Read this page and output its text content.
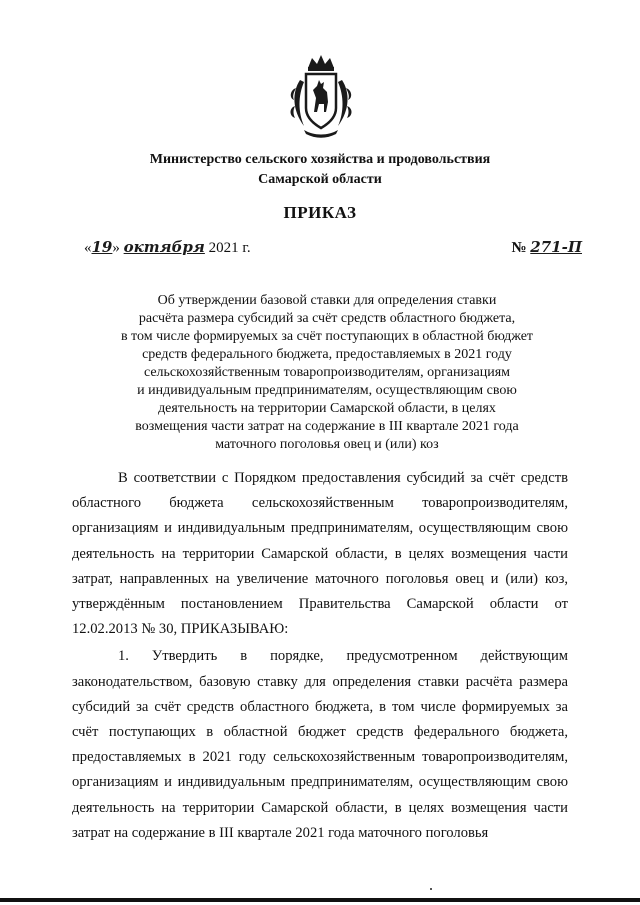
Министерство сельского хозяйства и продовольствия
Самарской области
ПРИКАЗ
«19» октября 2021 г.	№ 271-П
Об утверждении базовой ставки для определения ставки
расчёта размера субсидий за счёт средств областного бюджета,
в том числе формируемых за счёт поступающих в областной бюджет
средств федерального бюджета, предоставляемых в 2021 году
сельскохозяйственным товаропроизводителям, организациям
и индивидуальным предпринимателям, осуществляющим свою
деятельность на территории Самарской области, в целях
возмещения части затрат на содержание в III квартале 2021 года
маточного поголовья овец и (или) коз

В соответствии с Порядком предоставления субсидий за счёт средств областного бюджета сельскохозяйственным товаропроизводителям, организациям и индивидуальным предпринимателям, осуществляющим свою деятельность на территории Самарской области, в целях возмещения части затрат, направленных на увеличение маточного поголовья овец и (или) коз, утверждённым постановлением Правительства Самарской области от 12.02.2013 № 30, ПРИКАЗЫВАЮ:

1. Утвердить в порядке, предусмотренном действующим законодательством, базовую ставку для определения ставки расчёта размера субсидий за счёт средств областного бюджета, в том числе формируемых за счёт поступающих в областной бюджет средств федерального бюджета, предоставляемых в 2021 году сельскохозяйственным товаропроизводителям, организациям и индивидуальным предпринимателям, осуществляющим свою деятельность на территории Самарской области, в целях возмещения части затрат на содержание в III квартале 2021 года маточного поголовья
